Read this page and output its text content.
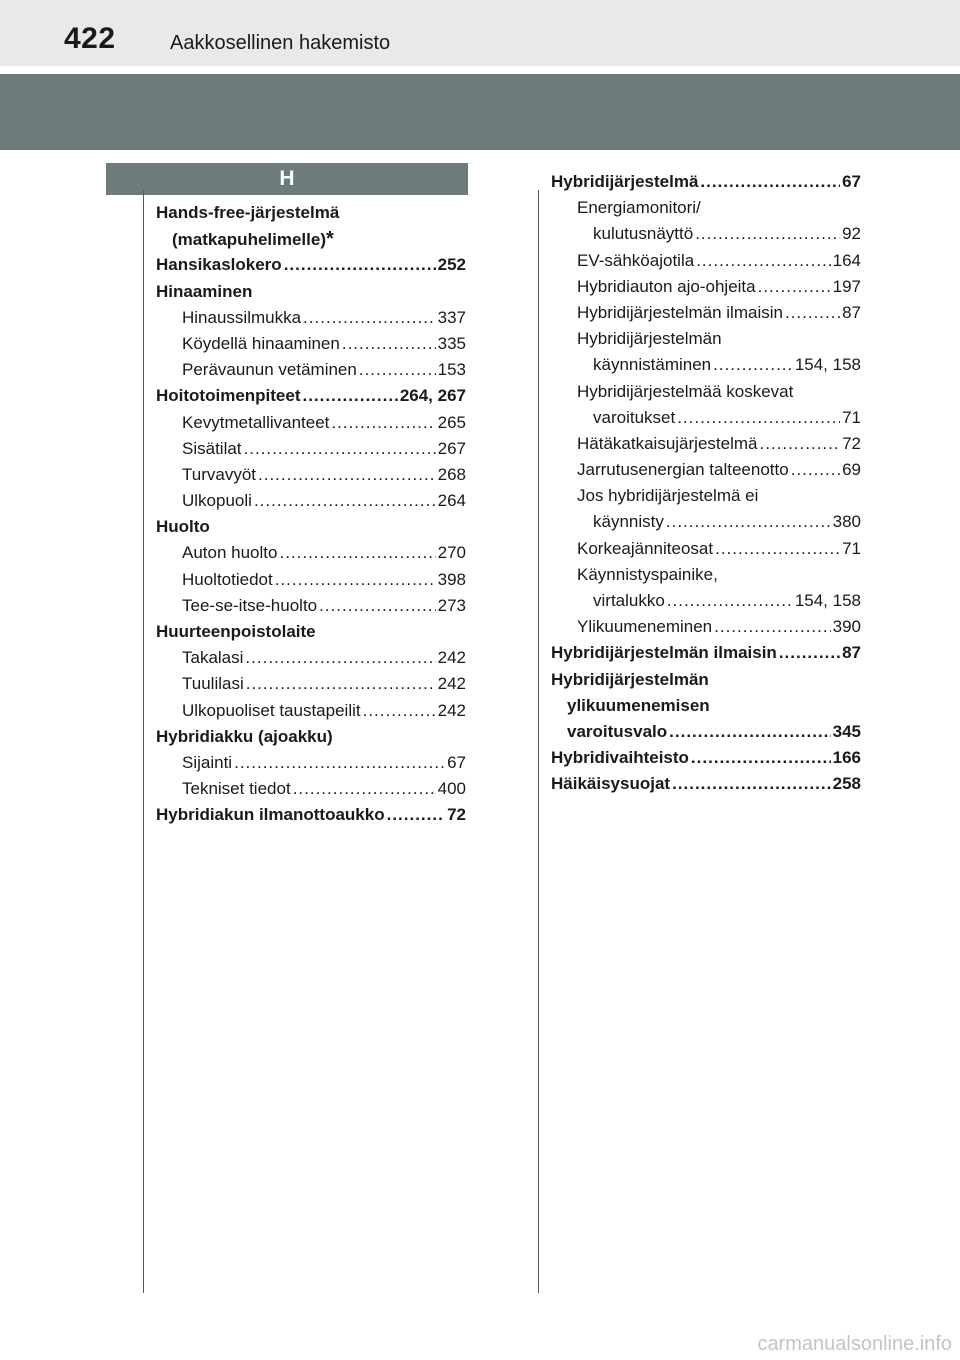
422	Aakkosellinen hakemisto
H
Hands-free-järjestelmä
(matkapuhelimelle) *
Hansikaslokero .....	252
Hinaaminen
Hinaussilmukka .....	337
Köydellä hinaaminen .....	335
Perävaunun vetäminen .....	153
Hoitotoimenpiteet .....	264, 267
Kevytmetallivanteet .....	265
Sisätilat .....	267
Turvavyöt .....	268
Ulkopuoli .....	264
Huolto
Auton huolto .....	270
Huoltotiedot .....	398
Tee-se-itse-huolto .....	273
Huurteenpoistolaite
Takalasi .....	242
Tuulilasi .....	242
Ulkopuoliset taustapeilit .....	242
Hybridiakku (ajoakku)
Sijainti .....	67
Tekniset tiedot .....	400
Hybridiakun ilmanottoaukko .....	72
Hybridijärjestelmä .....	67
Energiamonitori/
kulutusnäyttö .....	92
EV-sähköajotila .....	164
Hybridiauton ajo-ohjeita .....	197
Hybridijärjestelmän ilmaisin .....	87
Hybridijärjestelmän
käynnistäminen .....	154, 158
Hybridijärjestelmää koskevat
varoitukset .....	71
Hätäkatkaisujärjestelmä .....	72
Jarrutusenergian talteenotto .....	69
Jos hybridijärjestelmä ei
käynnisty .....	380
Korkeajänniteosat .....	71
Käynnistyspainike,
virtalukko .....	154, 158
Ylikuumeneminen .....	390
Hybridijärjestelmän ilmaisin .....	87
Hybridijärjestelmän
ylikuumenemisen
varoitusvalo .....	345
Hybridivaihteisto .....	166
Häikäisysuojat .....	258
carmanualsonline.info
